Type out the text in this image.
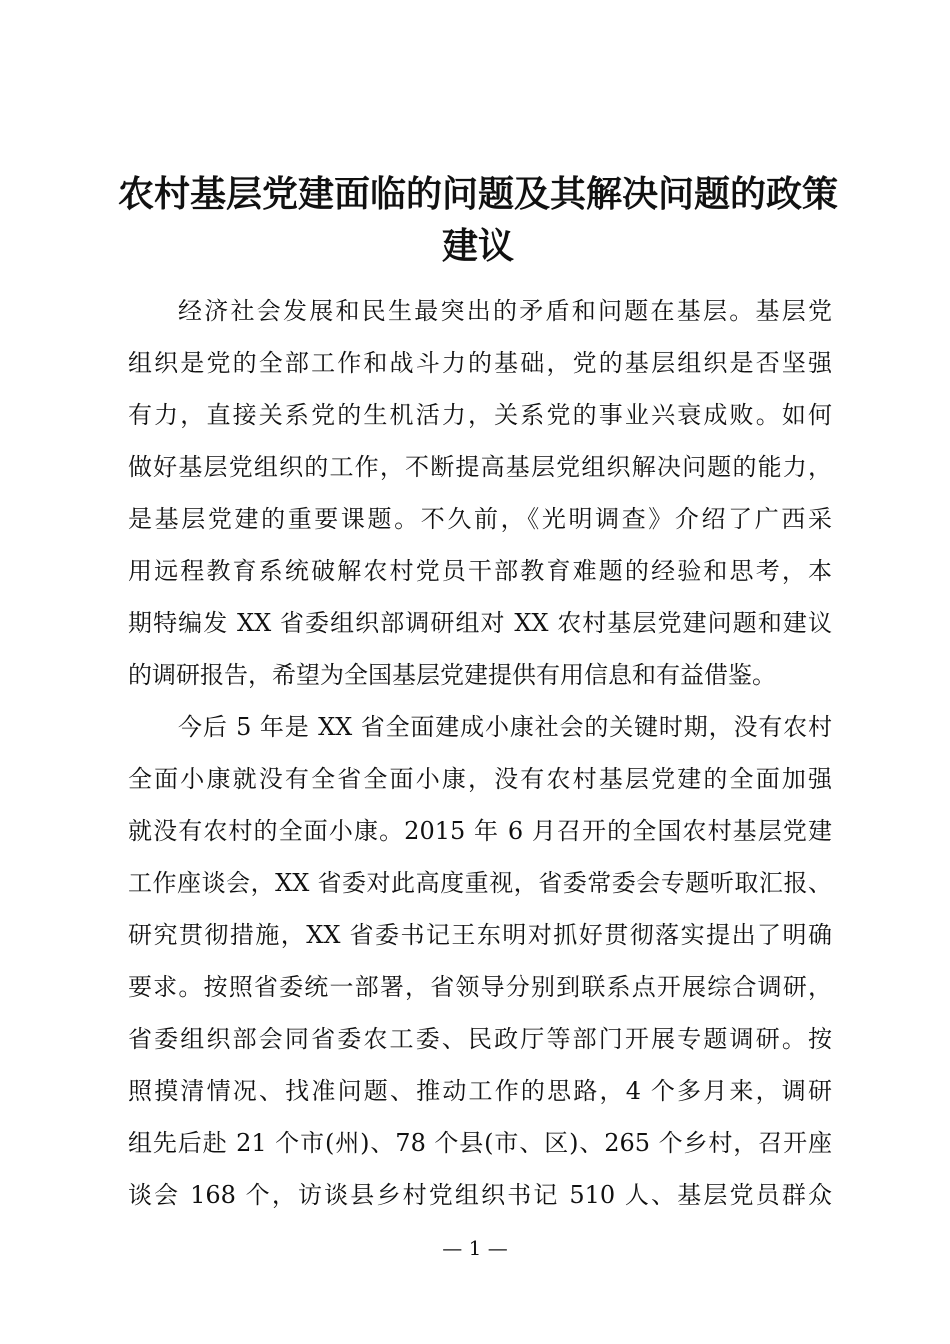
农村基层党建面临的问题及其解决问题的政策
建议
经济社会发展和民生最突出的矛盾和问题在基层。基层党
组织是党的全部工作和战斗力的基础，党的基层组织是否坚强
有力，直接关系党的生机活力，关系党的事业兴衰成败。如何
做好基层党组织的工作，不断提高基层党组织解决问题的能力，
是基层党建的重要课题。不久前，《光明调查》介绍了广西采
用远程教育系统破解农村党员干部教育难题的经验和思考，本
期特编发 XX 省委组织部调研组对 XX 农村基层党建问题和建议
的调研报告，希望为全国基层党建提供有用信息和有益借鉴。
今后 5 年是 XX 省全面建成小康社会的关键时期，没有农村
全面小康就没有全省全面小康，没有农村基层党建的全面加强
就没有农村的全面小康。2015 年 6 月召开的全国农村基层党建
工作座谈会，XX 省委对此高度重视，省委常委会专题听取汇报、
研究贯彻措施，XX 省委书记王东明对抓好贯彻落实提出了明确
要求。按照省委统一部署，省领导分别到联系点开展综合调研，
省委组织部会同省委农工委、民政厅等部门开展专题调研。按
照摸清情况、找准问题、推动工作的思路，4 个多月来，调研
组先后赴 21 个市(州)、78 个县(市、区)、265 个乡村，召开座
谈会 168 个，访谈县乡村党组织书记 510 人、基层党员群众
— 1 —
